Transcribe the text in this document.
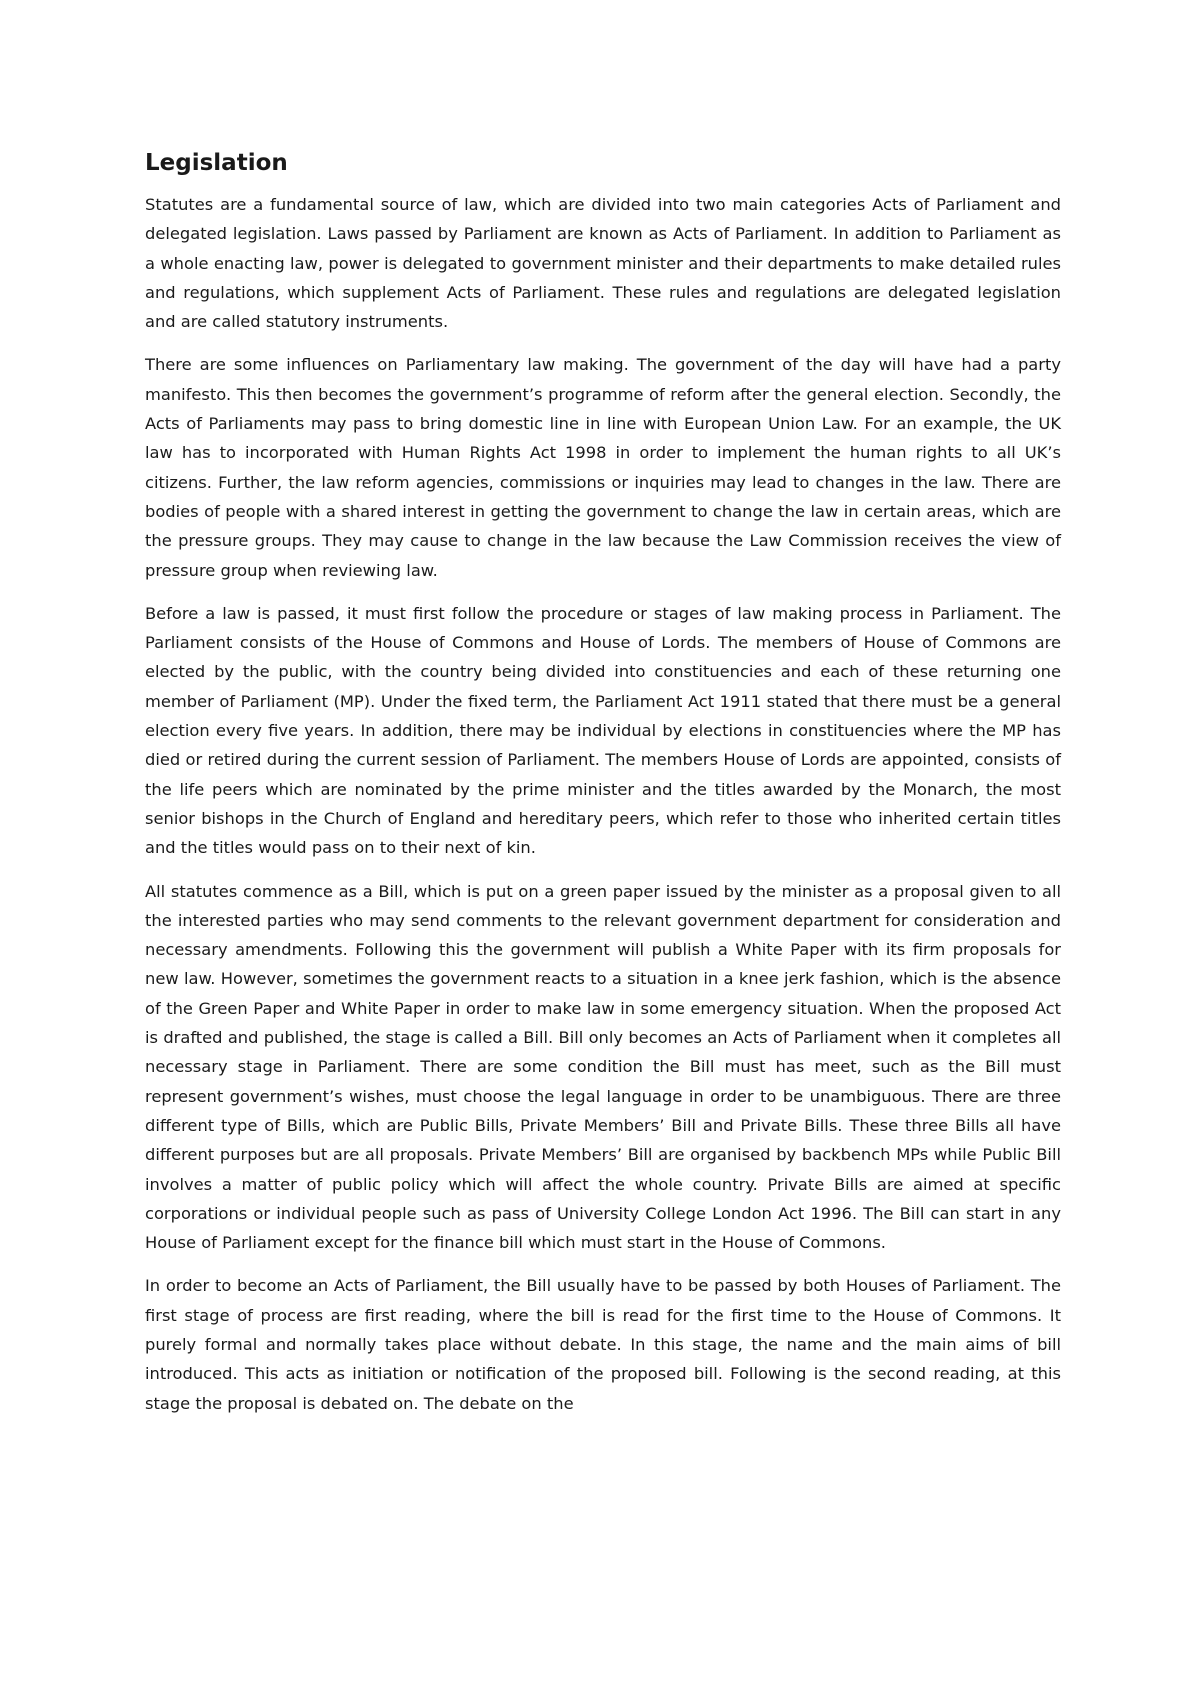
Legislation

Statutes are a fundamental source of law, which are divided into two main categories Acts of Parliament and delegated legislation. Laws passed by Parliament are known as Acts of Parliament. In addition to Parliament as a whole enacting law, power is delegated to government minister and their departments to make detailed rules and regulations, which supplement Acts of Parliament. These rules and regulations are delegated legislation and are called statutory instruments.

There are some influences on Parliamentary law making. The government of the day will have had a party manifesto. This then becomes the government’s programme of reform after the general election. Secondly, the Acts of Parliaments may pass to bring domestic line in line with European Union Law. For an example, the UK law has to incorporated with Human Rights Act 1998 in order to implement the human rights to all UK’s citizens. Further, the law reform agencies, commissions or inquiries may lead to changes in the law. There are bodies of people with a shared interest in getting the government to change the law in certain areas, which are the pressure groups. They may cause to change in the law because the Law Commission receives the view of pressure group when reviewing law.

Before a law is passed, it must first follow the procedure or stages of law making process in Parliament. The Parliament consists of the House of Commons and House of Lords. The members of House of Commons are elected by the public, with the country being divided into constituencies and each of these returning one member of Parliament (MP). Under the fixed term, the Parliament Act 1911 stated that there must be a general election every five years. In addition, there may be individual by elections in constituencies where the MP has died or retired during the current session of Parliament. The members House of Lords are appointed, consists of the life peers which are nominated by the prime minister and the titles awarded by the Monarch, the most senior bishops in the Church of England and hereditary peers, which refer to those who inherited certain titles and the titles would pass on to their next of kin.

All statutes commence as a Bill, which is put on a green paper issued by the minister as a proposal given to all the interested parties who may send comments to the relevant government department for consideration and necessary amendments. Following this the government will publish a White Paper with its firm proposals for new law. However, sometimes the government reacts to a situation in a knee jerk fashion, which is the absence of the Green Paper and White Paper in order to make law in some emergency situation. When the proposed Act is drafted and published, the stage is called a Bill. Bill only becomes an Acts of Parliament when it completes all necessary stage in Parliament. There are some condition the Bill must has meet, such as the Bill must represent government’s wishes, must choose the legal language in order to be unambiguous. There are three different type of Bills, which are Public Bills, Private Members’ Bill and Private Bills. These three Bills all have different purposes but are all proposals. Private Members’ Bill are organised by backbench MPs while Public Bill involves a matter of public policy which will affect the whole country. Private Bills are aimed at specific corporations or individual people such as pass of University College London Act 1996. The Bill can start in any House of Parliament except for the finance bill which must start in the House of Commons.

In order to become an Acts of Parliament, the Bill usually have to be passed by both Houses of Parliament. The first stage of process are first reading, where the bill is read for the first time to the House of Commons. It purely formal and normally takes place without debate. In this stage, the name and the main aims of bill introduced. This acts as initiation or notification of the proposed bill. Following is the second reading, at this stage the proposal is debated on. The debate on the
